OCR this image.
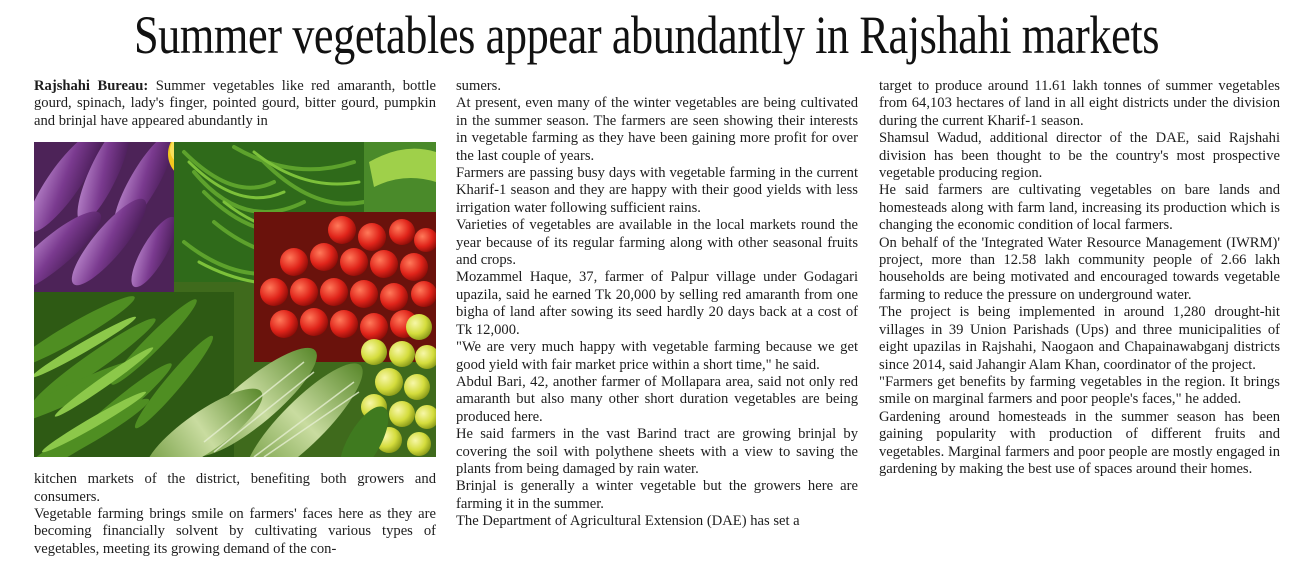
Summer vegetables appear abundantly in Rajshahi markets

Rajshahi Bureau: Summer vegetables like red amaranth, bottle gourd, spinach, lady's finger, pointed gourd, bitter gourd, pumpkin and brinjal have appeared abundantly in

kitchen markets of the district, benefiting both growers and consumers.

Vegetable farming brings smile on farmers' faces here as they are becoming financially solvent by cultivating various types of vegetables, meeting its growing demand of the con-

sumers.

At present, even many of the winter vegetables are being cultivated in the summer season. The farmers are seen showing their interests in vegetable farming as they have been gaining more profit for over the last couple of years.

Farmers are passing busy days with vegetable farming in the current Kharif-1 season and they are happy with their good yields with less irrigation water following sufficient rains.

Varieties of vegetables are available in the local markets round the year because of its regular farming along with other seasonal fruits and crops.

Mozammel Haque, 37, farmer of Palpur village under Godagari upazila, said he earned Tk 20,000 by selling red amaranth from one bigha of land after sowing its seed hardly 20 days back at a cost of Tk 12,000.

"We are very much happy with vegetable farming because we get good yield with fair market price within a short time," he said.

Abdul Bari, 42, another farmer of Mollapara area, said not only red amaranth but also many other short duration vegetables are being produced here.

He said farmers in the vast Barind tract are growing brinjal by covering the soil with polythene sheets with a view to saving the plants from being damaged by rain water.

Brinjal is generally a winter vegetable but the growers here are farming it in the summer.

The Department of Agricultural Extension (DAE) has set a

target to produce around 11.61 lakh tonnes of summer vegetables from 64,103 hectares of land in all eight districts under the division during the current Kharif-1 season.

Shamsul Wadud, additional director of the DAE, said Rajshahi division has been thought to be the country's most prospective vegetable producing region.

He said farmers are cultivating vegetables on bare lands and homesteads along with farm land, increasing its production which is changing the economic condition of local farmers.

On behalf of the 'Integrated Water Resource Management (IWRM)' project, more than 12.58 lakh community people of 2.66 lakh households are being motivated and encouraged towards vegetable farming to reduce the pressure on underground water.

The project is being implemented in around 1,280 drought-hit villages in 39 Union Parishads (Ups) and three municipalities of eight upazilas in Rajshahi, Naogaon and Chapainawabganj districts since 2014, said Jahangir Alam Khan, coordinator of the project.

"Farmers get benefits by farming vegetables in the region. It brings smile on marginal farmers and poor people's faces," he added.

Gardening around homesteads in the summer season has been gaining popularity with production of different fruits and vegetables. Marginal farmers and poor people are mostly engaged in gardening by making the best use of spaces around their homes.
